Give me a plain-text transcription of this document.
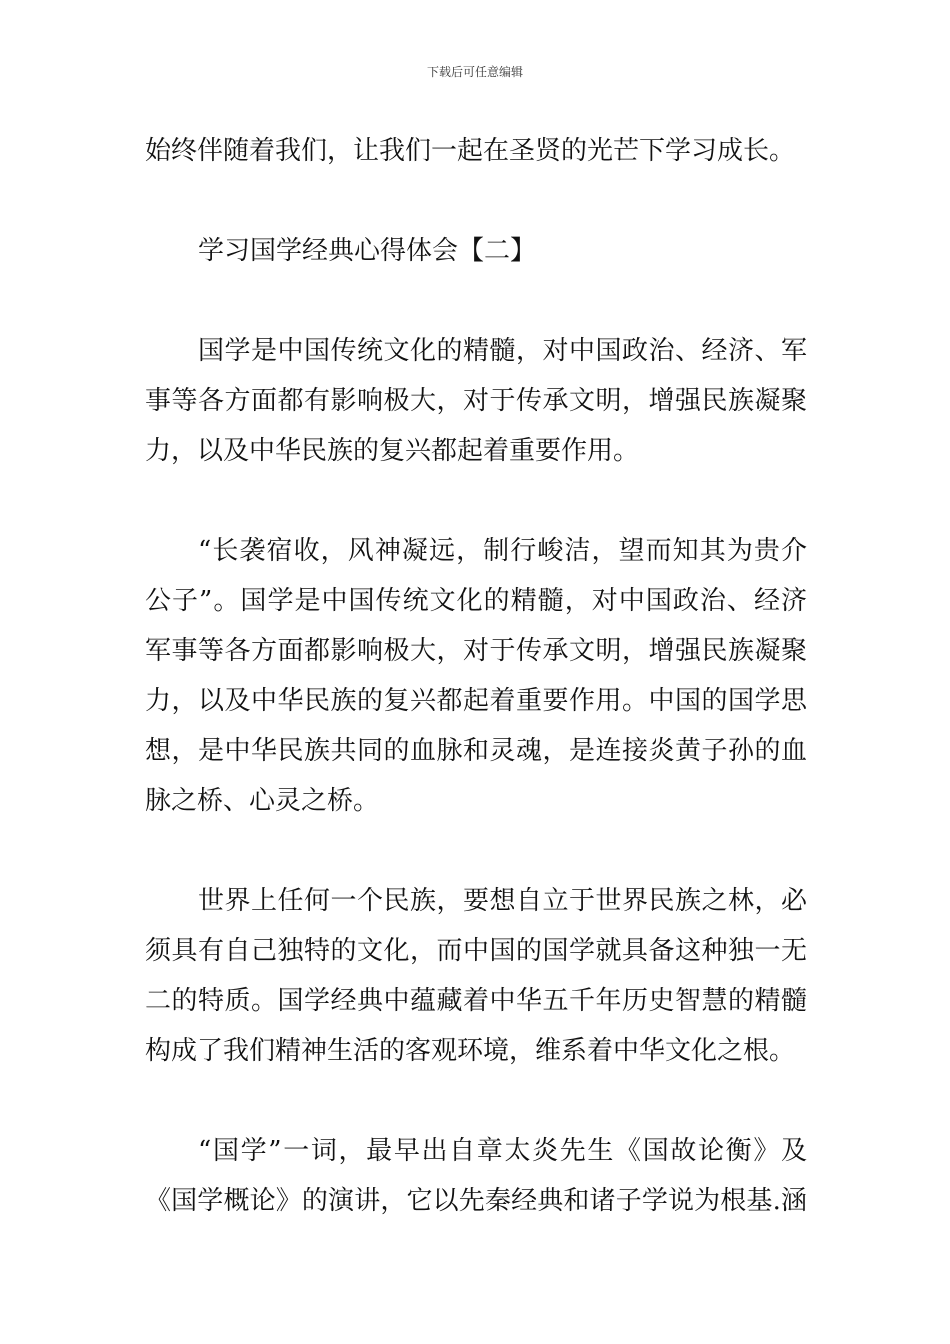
下载后可任意编辑
始终伴随着我们，让我们一起在圣贤的光芒下学习成长。
学习国学经典心得体会【二】
国学是中国传统文化的精髓，对中国政治、经济、军
事等各方面都有影响极大，对于传承文明，增强民族凝聚
力，以及中华民族的复兴都起着重要作用。
“长袭宿收，风神凝远，制行峻洁，望而知其为贵介
公子”。国学是中国传统文化的精髓，对中国政治、经济
军事等各方面都影响极大，对于传承文明，增强民族凝聚
力，以及中华民族的复兴都起着重要作用。中国的国学思
想，是中华民族共同的血脉和灵魂，是连接炎黄子孙的血
脉之桥、心灵之桥。
世界上任何一个民族，要想自立于世界民族之林，必
须具有自己独特的文化，而中国的国学就具备这种独一无
二的特质。国学经典中蕴藏着中华五千年历史智慧的精髓
构成了我们精神生活的客观环境，维系着中华文化之根。
“国学”一词，最早出自章太炎先生《国故论衡》及
《国学概论》的演讲，它以先秦经典和诸子学说为根基.涵
